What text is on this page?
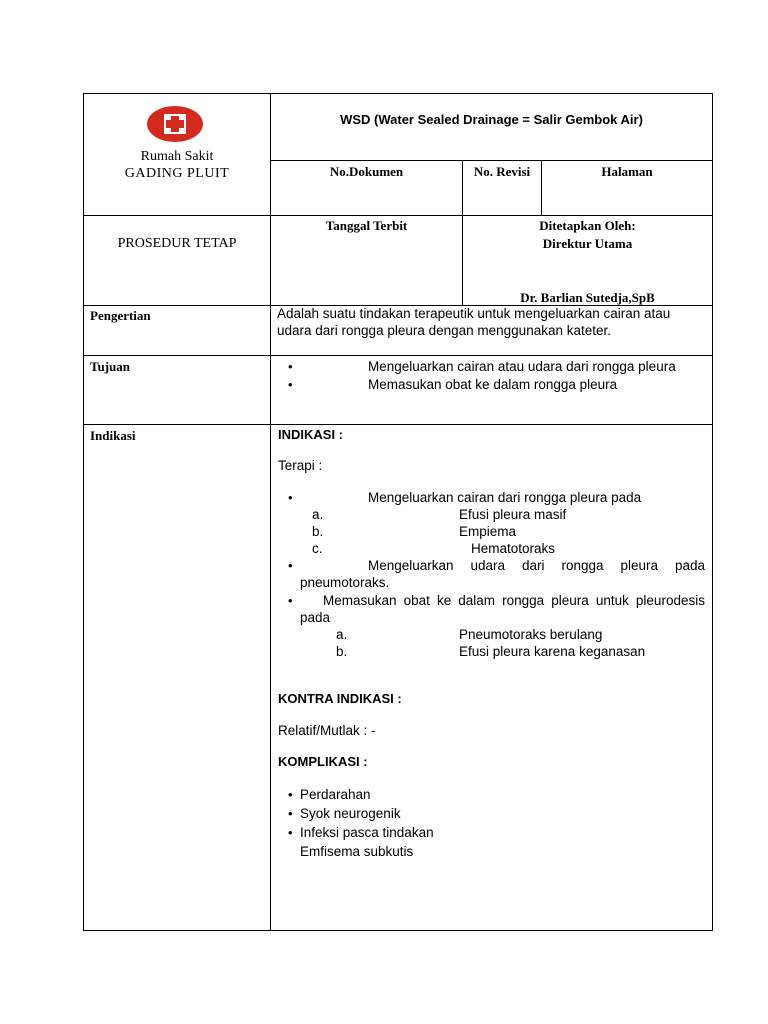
Rumah Sakit
GADING PLUIT
WSD (Water Sealed Drainage = Salir Gembok Air)
No.Dokumen	No. Revisi	Halaman
PROSEDUR TETAP
Tanggal Terbit	Ditetapkan Oleh:
Direktur Utama
Dr. Barlian Sutedja,SpB
Pengertian	Adalah suatu tindakan terapeutik untuk mengeluarkan cairan atau
udara dari rongga pleura dengan menggunakan kateter.
Tujuan	•	Mengeluarkan cairan atau udara dari rongga pleura
•	Memasukan obat ke dalam rongga pleura
Indikasi	INDIKASI :
Terapi :
•	Mengeluarkan cairan dari rongga pleura pada
a.	Efusi pleura masif
b.	Empiema
c.	Hematotoraks
•	Mengeluarkan udara dari rongga pleura pada
pneumotoraks.
• Memasukan obat ke dalam rongga pleura untuk pleurodesis
pada
a.	Pneumotoraks berulang
b.	Efusi pleura karena keganasan
KONTRA INDIKASI :
Relatif/Mutlak : -
KOMPLIKASI :
• Perdarahan
• Syok neurogenik
• Infeksi pasca tindakan
Emfisema subkutis
